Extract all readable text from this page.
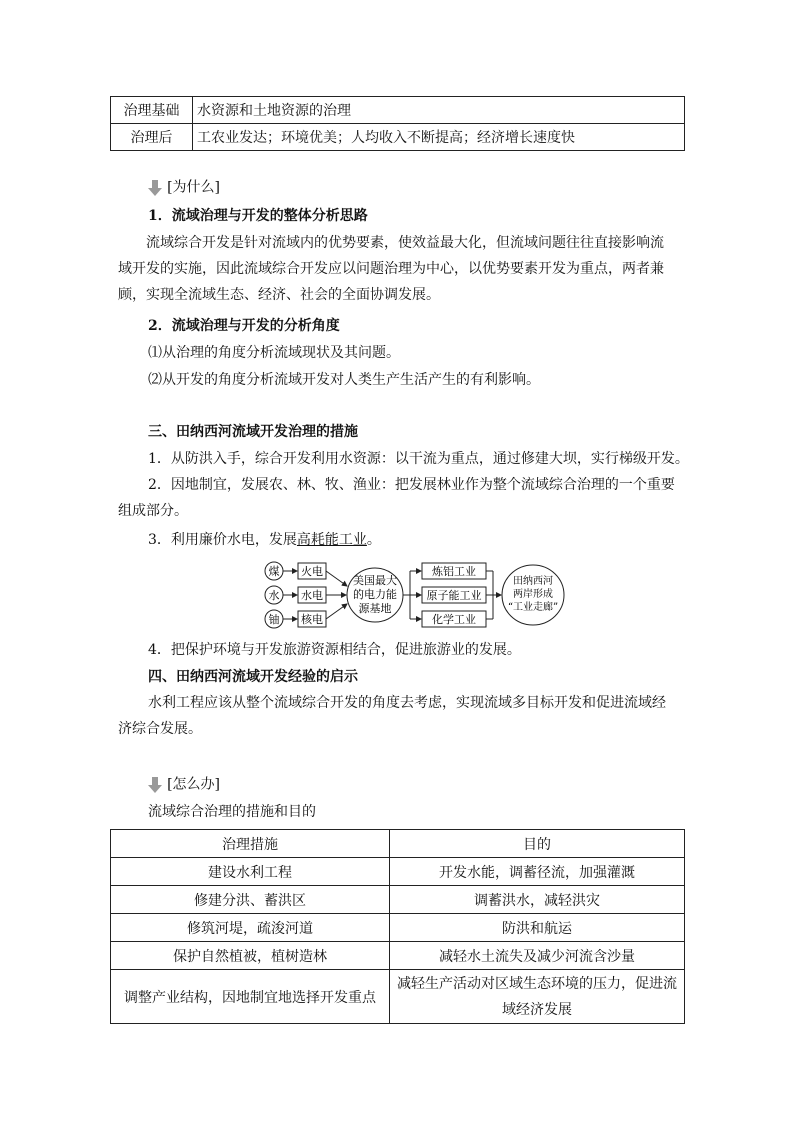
治理基础	水资源和土地资源的治理
治理后	工农业发达；环境优美；人均收入不断提高；经济增长速度快
[为什么]
1．流域治理与开发的整体分析思路
流域综合开发是针对流域内的优势要素，使效益最大化，但流域问题往往直接影响流
域开发的实施，因此流域综合开发应以问题治理为中心，以优势要素开发为重点，两者兼
顾，实现全流域生态、经济、社会的全面协调发展。
2．流域治理与开发的分析角度
⑴从治理的角度分析流域现状及其问题。
⑵从开发的角度分析流域开发对人类生产生活产生的有利影响。
三、田纳西河流域开发治理的措施
1．从防洪入手，综合开发利用水资源：以干流为重点，通过修建大坝，实行梯级开发。
2．因地制宜，发展农、林、牧、渔业：把发展林业作为整个流域综合治理的一个重要
组成部分。
3．利用廉价水电，发展高耗能工业。
煤
水
铀
火电
水电
核电
美国最大
的电力能
源基地
炼铝工业
原子能工业
化学工业
田纳西河
两岸形成
“工业走廊”
4．把保护环境与开发旅游资源相结合，促进旅游业的发展。
四、田纳西河流域开发经验的启示
水利工程应该从整个流域综合开发的角度去考虑，实现流域多目标开发和促进流域经
济综合发展。
[怎么办]
流域综合治理的措施和目的
治理措施	目的
建设水利工程	开发水能，调蓄径流，加强灌溉
修建分洪、蓄洪区	调蓄洪水，减轻洪灾
修筑河堤，疏浚河道	防洪和航运
保护自然植被，植树造林	减轻水土流失及减少河流含沙量
调整产业结构，因地制宜地选择开发重点	减轻生产活动对区域生态环境的压力，促进流
域经济发展
